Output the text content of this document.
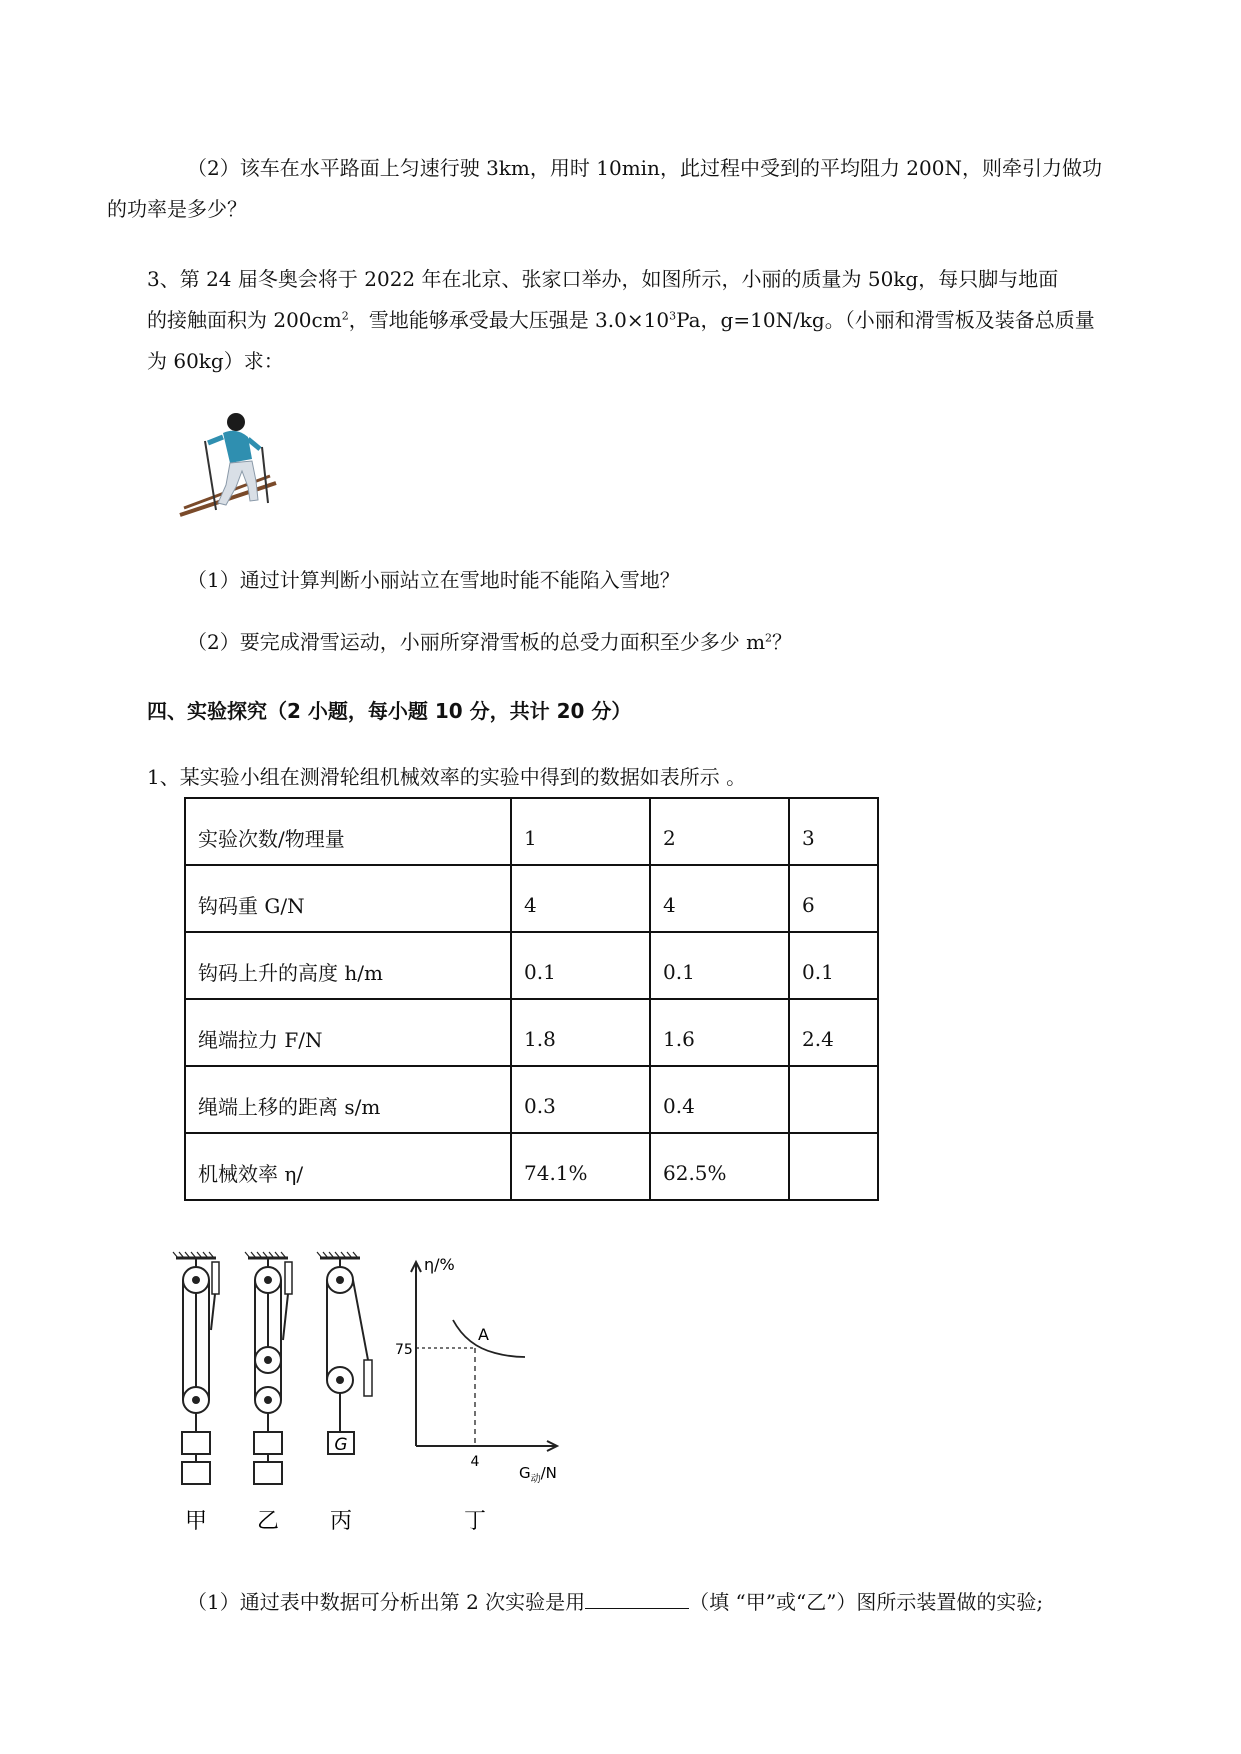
（2）该车在水平路面上匀速行驶 3km，用时 10min，此过程中受到的平均阻力 200N，则牵引力做功
的功率是多少？

3、第 24 届冬奥会将于 2022 年在北京、张家口举办，如图所示，小丽的质量为 50kg，每只脚与地面
的接触面积为 $200cm^2$，雪地能够承受最大压强是 $3.0\times 10^3Pa$，g=10N/kg。（小丽和滑雪板及装备总质量
为 60kg）求：

（1）通过计算判断小丽站立在雪地时能不能陷入雪地？

（2）要完成滑雪运动，小丽所穿滑雪板的总受力面积至少多少 $m^2$？

四、实验探究（2 小题，每小题 10 分，共计 20 分）

1、某实验小组在测滑轮组机械效率的实验中得到的数据如表所示 。

实验次数/物理量	1	2	3
钩码重 G/N	4	4	6
钩码上升的高度 h/m	0.1	0.1	0.1
绳端拉力 F/N	1.8	1.6	2.4
绳端上移的距离 s/m	0.3	0.4	
机械效率 η/	74.1%	62.5%	
G
甲 乙 丙
η/%
75
A
4
$G_动/N$
丁

（1）通过表中数据可分析出第 2 次实验是用	（填 “甲”或“乙”）图所示装置做的实验;
